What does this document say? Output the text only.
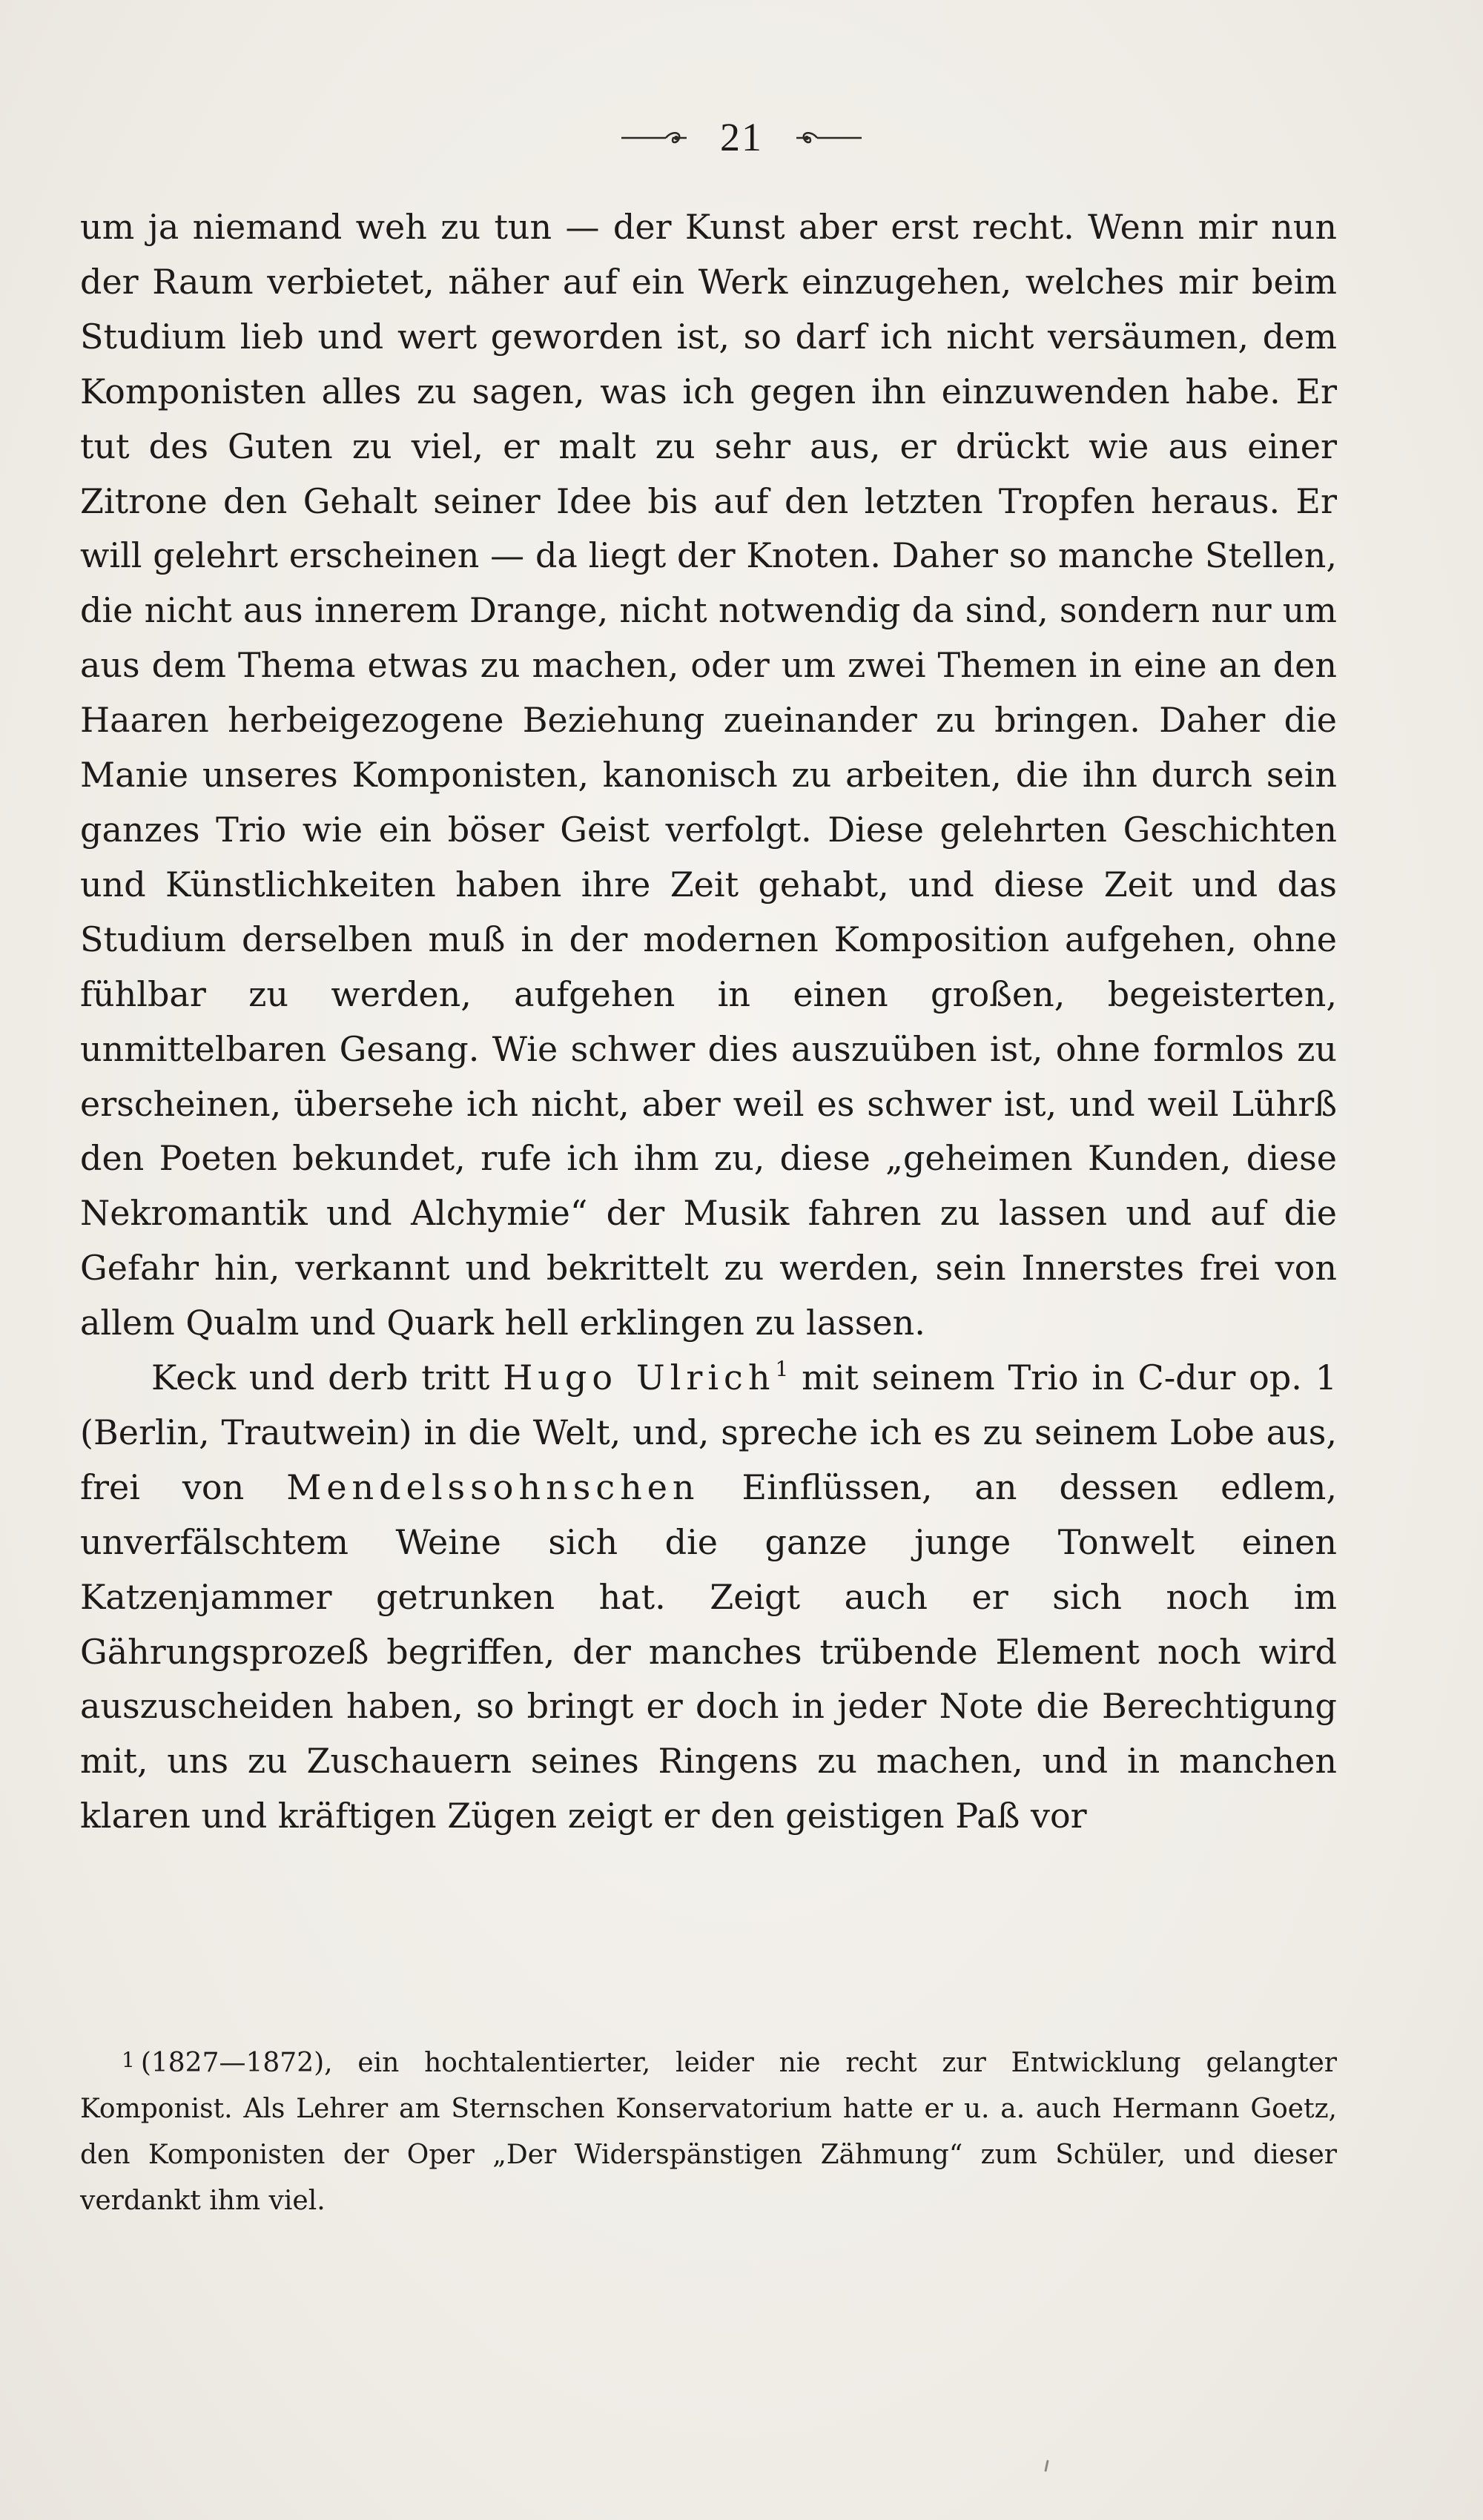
21

um ja niemand weh zu tun — der Kunst aber erst recht. Wenn mir nun der Raum verbietet, näher auf ein Werk einzugehen, welches mir beim Studium lieb und wert geworden ist, so darf ich nicht versäumen, dem Komponisten alles zu sagen, was ich gegen ihn einzuwenden habe. Er tut des Guten zu viel, er malt zu sehr aus, er drückt wie aus einer Zitrone den Gehalt seiner Idee bis auf den letzten Tropfen heraus. Er will gelehrt erscheinen — da liegt der Knoten. Daher so manche Stellen, die nicht aus innerem Drange, nicht notwendig da sind, sondern nur um aus dem Thema etwas zu machen, oder um zwei Themen in eine an den Haaren herbeigezogene Beziehung zueinander zu bringen. Daher die Manie unseres Komponisten, kanonisch zu arbeiten, die ihn durch sein ganzes Trio wie ein böser Geist verfolgt. Diese gelehrten Geschichten und Künstlichkeiten haben ihre Zeit gehabt, und diese Zeit und das Studium derselben muß in der modernen Komposition aufgehen, ohne fühlbar zu werden, aufgehen in einen großen, begeisterten, unmittelbaren Gesang. Wie schwer dies auszuüben ist, ohne formlos zu erscheinen, übersehe ich nicht, aber weil es schwer ist, und weil Lührß den Poeten bekundet, rufe ich ihm zu, diese „geheimen Kunden, diese Nekromantik und Alchymie“ der Musik fahren zu lassen und auf die Gefahr hin, verkannt und bekrittelt zu werden, sein Innerstes frei von allem Qualm und Quark hell erklingen zu lassen.

Keck und derb tritt Hugo Ulrich$^1$ mit seinem Trio in C-dur op. 1 (Berlin, Trautwein) in die Welt, und, spreche ich es zu seinem Lobe aus, frei von Mendelssohnschen Einflüssen, an dessen edlem, unverfälschtem Weine sich die ganze junge Tonwelt einen Katzenjammer getrunken hat. Zeigt auch er sich noch im Gährungsprozeß begriffen, der manches trübende Element noch wird auszuscheiden haben, so bringt er doch in jeder Note die Berechtigung mit, uns zu Zuschauern seines Ringens zu machen, und in manchen klaren und kräftigen Zügen zeigt er den geistigen Paß vor

1 (1827—1872), ein hochtalentierter, leider nie recht zur Entwicklung gelangter Komponist. Als Lehrer am Sternschen Konservatorium hatte er u. a. auch Hermann Goetz, den Komponisten der Oper „Der Widerspänstigen Zähmung“ zum Schüler, und dieser verdankt ihm viel.
